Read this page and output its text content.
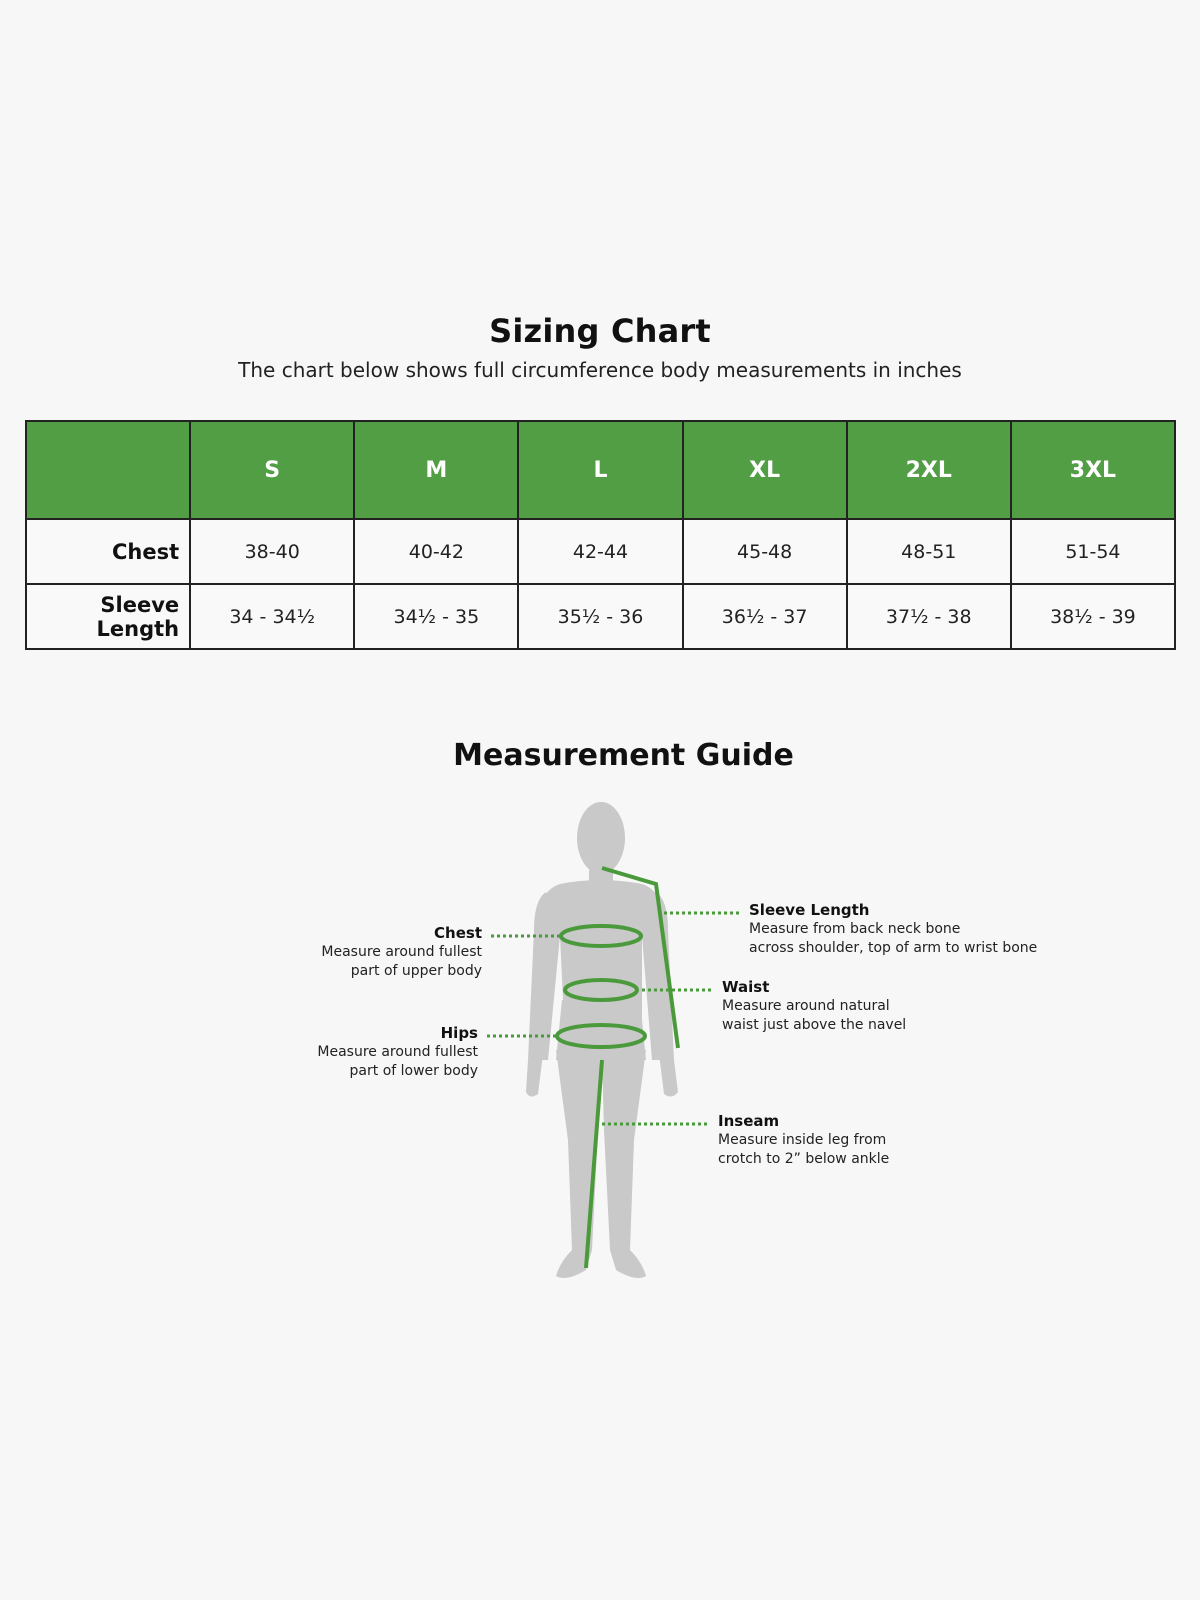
Sizing Chart
The chart below shows full circumference body measurements in inches
	S	M	L	XL	2XL	3XL
Chest	38-40	40-42	42-44	45-48	48-51	51-54
Sleeve Length	34 - 34½	34½ - 35	35½ - 36	36½ - 37	37½ - 38	38½ - 39
Measurement Guide
Chest
Measure around fullest
part of upper body
Hips
Measure around fullest
part of lower body
Sleeve Length
Measure from back neck bone
across shoulder, top of arm to wrist bone
Waist
Measure around natural
waist just above the navel
Inseam
Measure inside leg from
crotch to 2” below ankle
